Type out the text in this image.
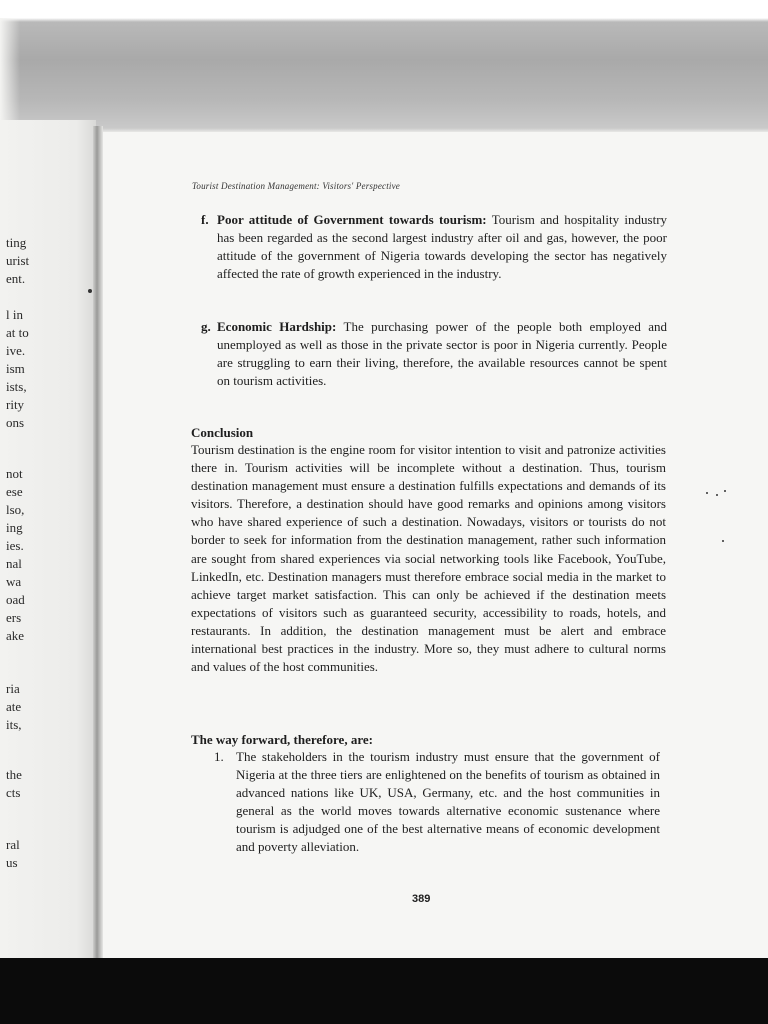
ting
urist
ent.
l in
at to
ive.
ism
ists,
rity
ons
not
ese
lso,
ing
ies.
nal
wa
oad
ers
ake
ria
ate
its,
the
cts
ral
us
Tourist Destination Management: Visitors' Perspective
f. Poor attitude of Government towards tourism: Tourism and hospitality industry has been regarded as the second largest industry after oil and gas, however, the poor attitude of the government of Nigeria towards developing the sector has negatively affected the rate of growth experienced in the industry.
g. Economic Hardship: The purchasing power of the people both employed and unemployed as well as those in the private sector is poor in Nigeria currently. People are struggling to earn their living, therefore, the available resources cannot be spent on tourism activities.
Conclusion
Tourism destination is the engine room for visitor intention to visit and patronize activities there in. Tourism activities will be incomplete without a destination. Thus, tourism destination management must ensure a destination fulfills expectations and demands of its visitors. Therefore, a destination should have good remarks and opinions among visitors who have shared experience of such a destination. Nowadays, visitors or tourists do not border to seek for information from the destination management, rather such information are sought from shared experiences via social networking tools like Facebook, YouTube, LinkedIn, etc. Destination managers must therefore embrace social media in the market to achieve target market satisfaction. This can only be achieved if the destination meets expectations of visitors such as guaranteed security, accessibility to roads, hotels, and restaurants. In addition, the destination management must be alert and embrace international best practices in the industry. More so, they must adhere to cultural norms and values of the host communities.
The way forward, therefore, are:
1. The stakeholders in the tourism industry must ensure that the government of Nigeria at the three tiers are enlightened on the benefits of tourism as obtained in advanced nations like UK, USA, Germany, etc. and the host communities in general as the world moves towards alternative economic sustenance where tourism is adjudged one of the best alternative means of economic development and poverty alleviation.
389
